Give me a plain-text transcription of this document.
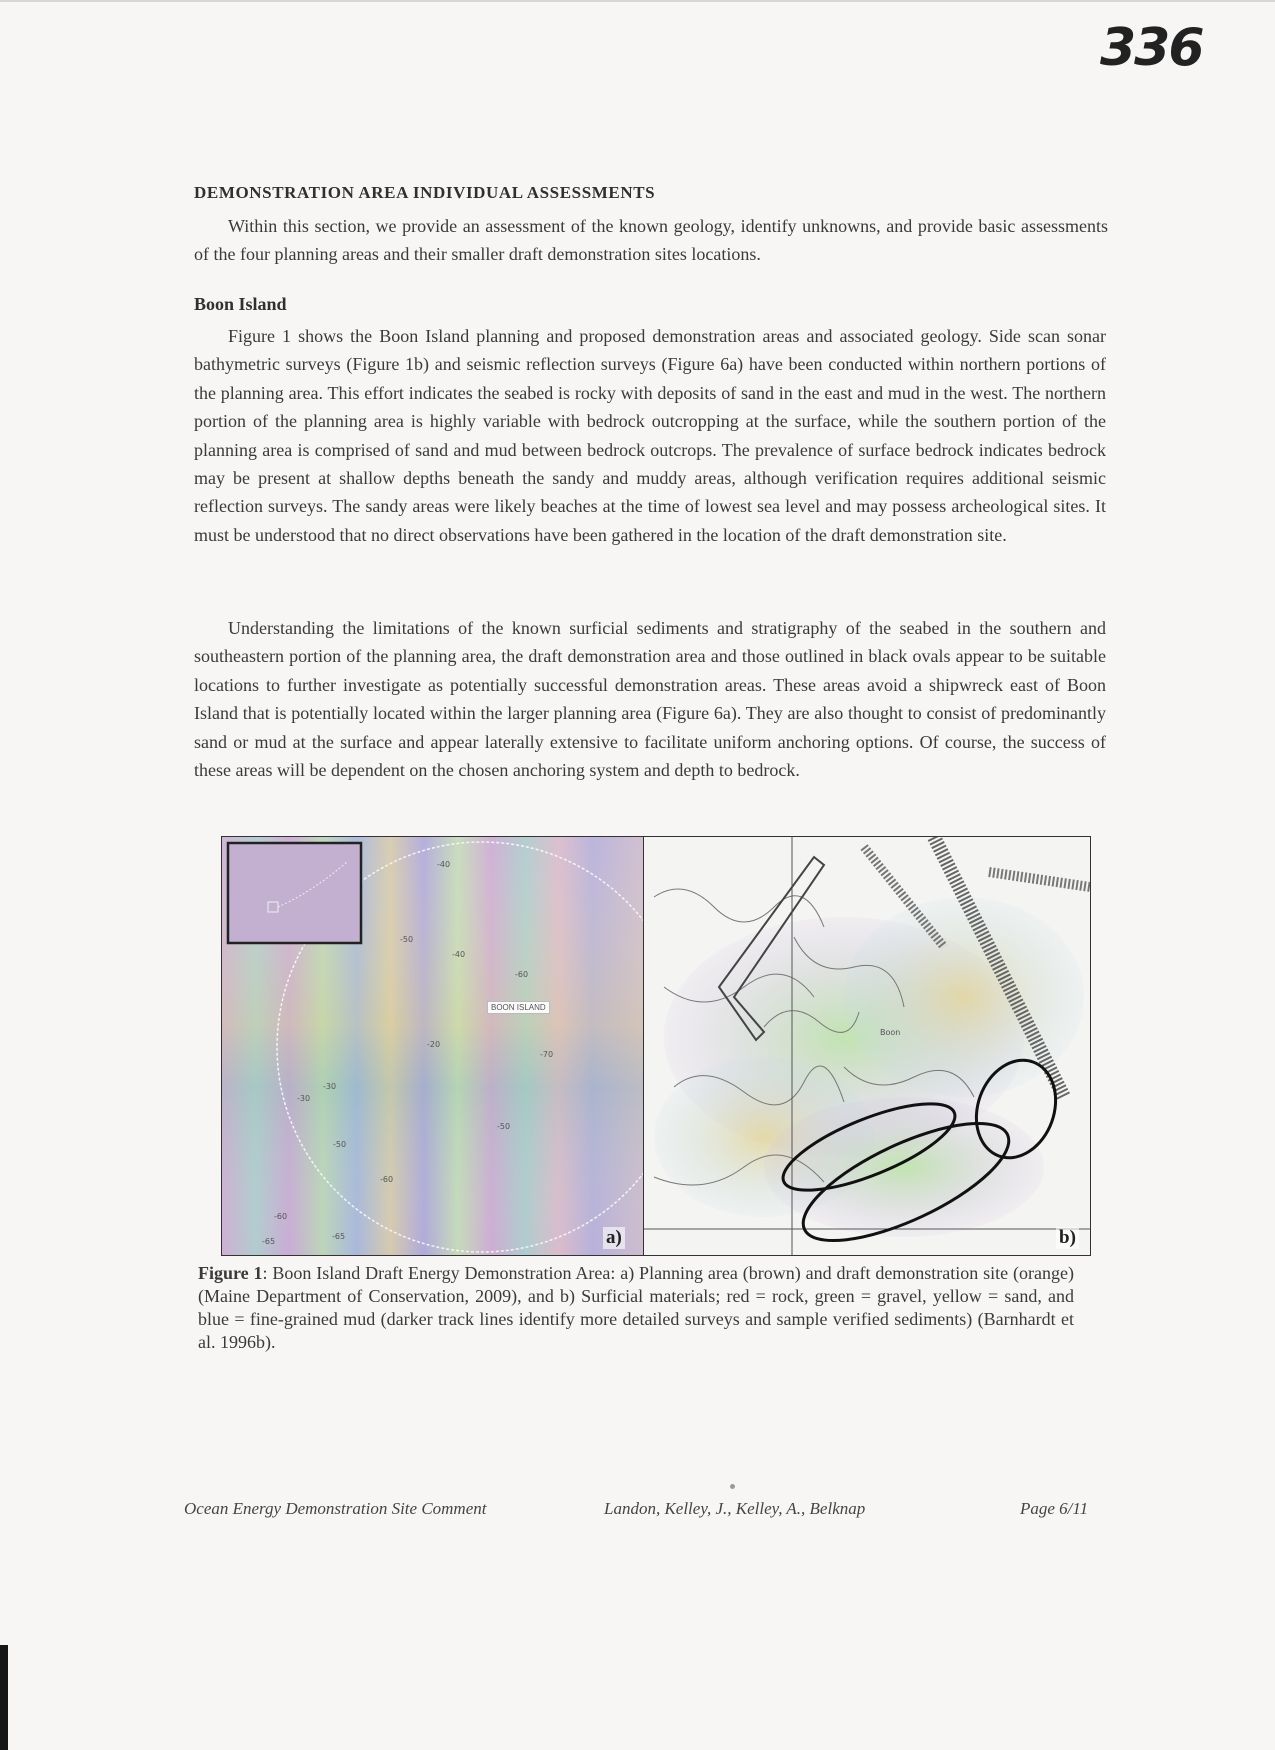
336
DEMONSTRATION AREA INDIVIDUAL ASSESSMENTS

Within this section, we provide an assessment of the known geology, identify unknowns, and provide basic assessments of the four planning areas and their smaller draft demonstration sites locations.

Boon Island

Figure 1 shows the Boon Island planning and proposed demonstration areas and associated geology. Side scan sonar bathymetric surveys (Figure 1b) and seismic reflection surveys (Figure 6a) have been conducted within northern portions of the planning area. This effort indicates the seabed is rocky with deposits of sand in the east and mud in the west. The northern portion of the planning area is highly variable with bedrock outcropping at the surface, while the southern portion of the planning area is comprised of sand and mud between bedrock outcrops. The prevalence of surface bedrock indicates bedrock may be present at shallow depths beneath the sandy and muddy areas, although verification requires additional seismic reflection surveys. The sandy areas were likely beaches at the time of lowest sea level and may possess archeological sites. It must be understood that no direct observations have been gathered in the location of the draft demonstration site.

Understanding the limitations of the known surficial sediments and stratigraphy of the seabed in the southern and southeastern portion of the planning area, the draft demonstration area and those outlined in black ovals appear to be suitable locations to further investigate as potentially successful demonstration areas. These areas avoid a shipwreck east of Boon Island that is potentially located within the larger planning area (Figure 6a). They are also thought to consist of predominantly sand or mud at the surface and appear laterally extensive to facilitate uniform anchoring options. Of course, the success of these areas will be dependent on the chosen anchoring system and depth to bedrock.

-40
-50
-40
-60
-30
-30
-20
-70
-50
-50
-60
-60
-65
-65
BOON ISLAND
a)
Boon
b)

Figure 1: Boon Island Draft Energy Demonstration Area: a) Planning area (brown) and draft demonstration site (orange) (Maine Department of Conservation, 2009), and b) Surficial materials; red = rock, green = gravel, yellow = sand, and blue = fine-grained mud (darker track lines identify more detailed surveys and sample verified sediments) (Barnhardt et al. 1996b).

Ocean Energy Demonstration Site Comment	Landon, Kelley, J., Kelley, A., Belknap	Page 6/11
